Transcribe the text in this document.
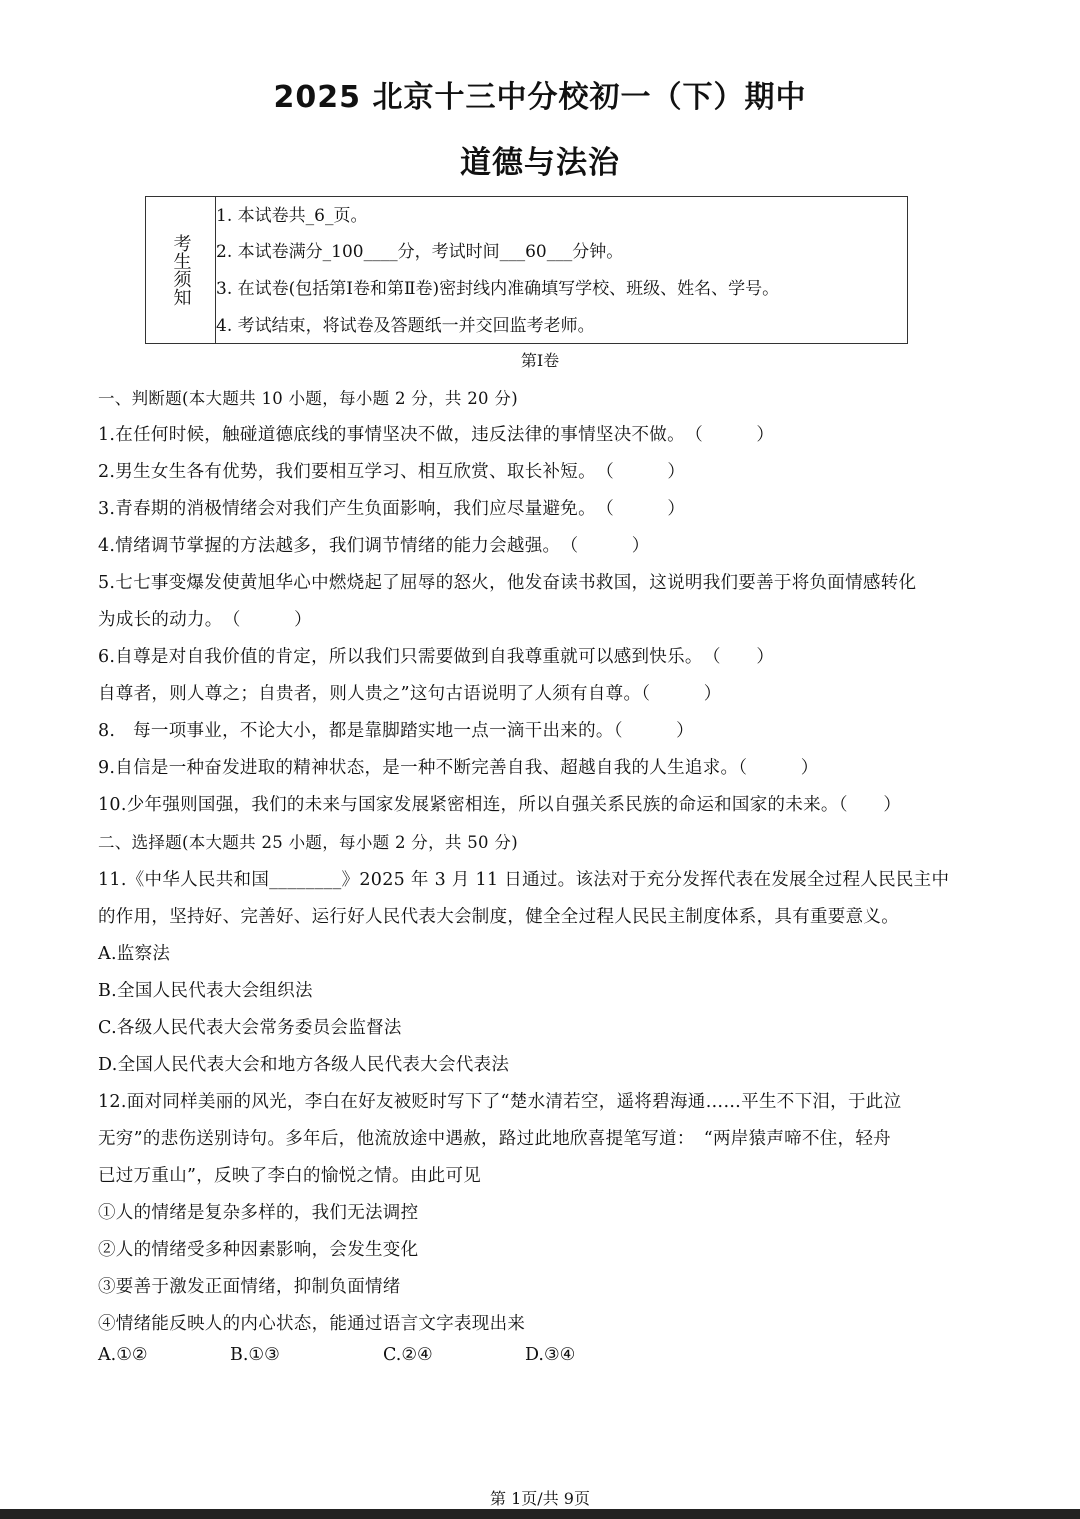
2025 北京十三中分校初一（下）期中
道德与法治
考生须知
1. 本试卷共_6_页。
2. 本试卷满分_100____分，考试时间___60___分钟。
3. 在试卷(包括第Ⅰ卷和第Ⅱ卷)密封线内准确填写学校、班级、姓名、学号。
4. 考试结束，将试卷及答题纸一并交回监考老师。
第Ⅰ卷
一、判断题(本大题共 10 小题，每小题 2 分，共 20 分)
1.在任何时候，触碰道德底线的事情坚决不做，违反法律的事情坚决不做。　（　　　）
2.男生女生各有优势，我们要相互学习、相互欣赏、取长补短。　（　　　）
3.青春期的消极情绪会对我们产生负面影响，我们应尽量避免。　（　　　）
4.情绪调节掌握的方法越多，我们调节情绪的能力会越强。　（　　　）
5.七七事变爆发使黄旭华心中燃烧起了屈辱的怒火，他发奋读书救国，这说明我们要善于将负面情感转化
为成长的动力。　（　　　）
6.自尊是对自我价值的肯定，所以我们只需要做到自我尊重就可以感到快乐。　（　　）
自尊者，则人尊之；自贵者，则人贵之”这句古语说明了人须有自尊。（　　　）
8.　每一项事业，不论大小，都是靠脚踏实地一点一滴干出来的。（　　　）
9.自信是一种奋发进取的精神状态，是一种不断完善自我、超越自我的人生追求。（　　　）
10.少年强则国强，我们的未来与国家发展紧密相连，所以自强关系民族的命运和国家的未来。（　　）
二、选择题(本大题共 25 小题，每小题 2 分，共 50 分)
11.《中华人民共和国________》2025 年 3 月 11 日通过。该法对于充分发挥代表在发展全过程人民民主中
的作用，坚持好、完善好、运行好人民代表大会制度，健全全过程人民民主制度体系，具有重要意义。
A.监察法
B.全国人民代表大会组织法
C.各级人民代表大会常务委员会监督法
D.全国人民代表大会和地方各级人民代表大会代表法
12.面对同样美丽的风光，李白在好友被贬时写下了“楚水清若空，遥将碧海通……平生不下泪，于此泣
无穷”的悲伤送别诗句。多年后，他流放途中遇赦，路过此地欣喜提笔写道：　“两岸猿声啼不住，轻舟
已过万重山”，反映了李白的愉悦之情。由此可见
①人的情绪是复杂多样的，我们无法调控
②人的情绪受多种因素影响，会发生变化
③要善于激发正面情绪，抑制负面情绪
④情绪能反映人的内心状态，能通过语言文字表现出来
A.①②	B.①③	C.②④	D.③④
第 1页/共 9页
